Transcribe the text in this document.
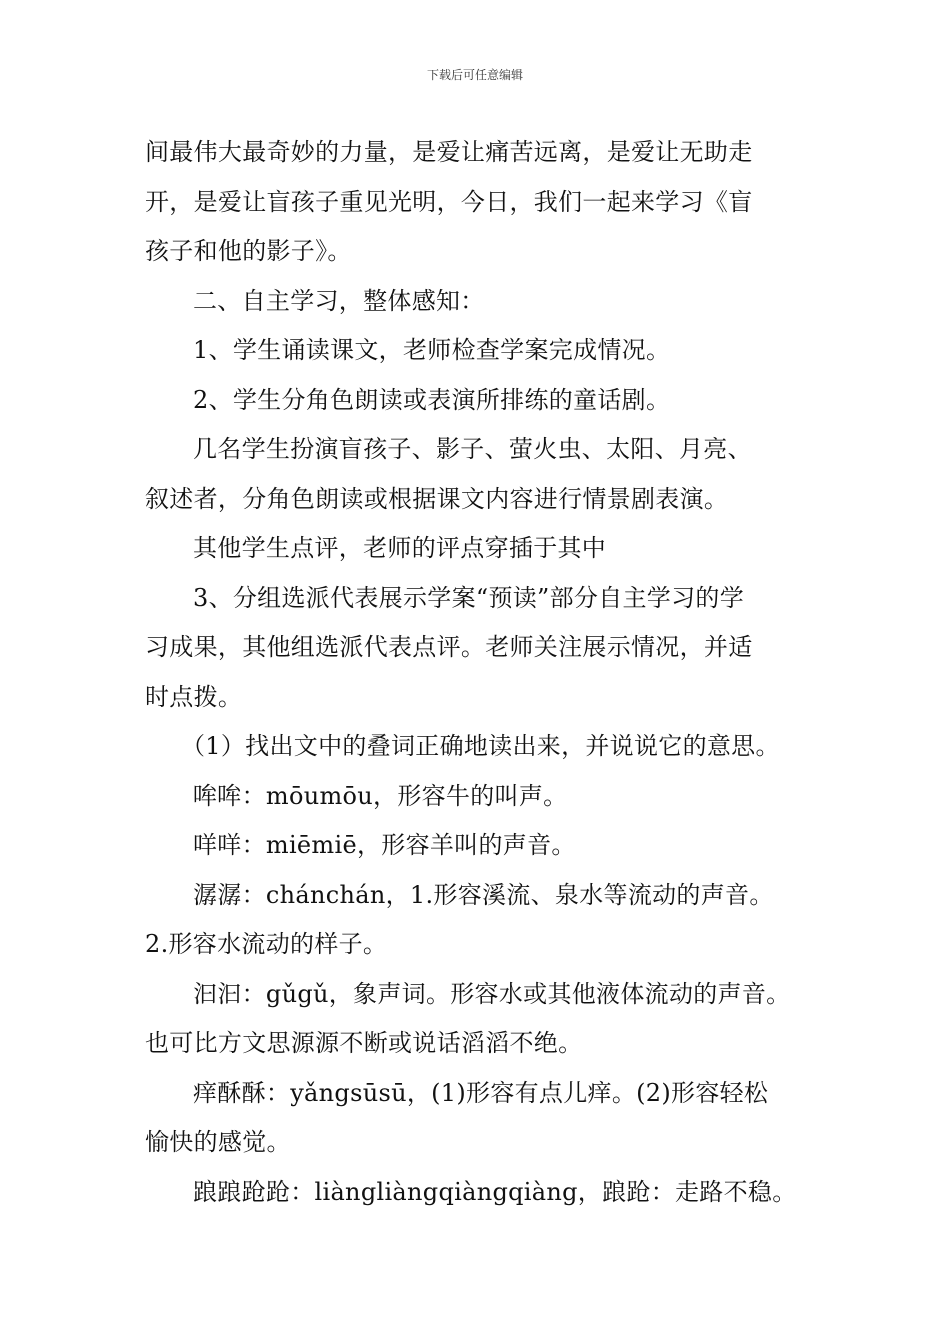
下载后可任意编辑
间最伟大最奇妙的力量，是爱让痛苦远离，是爱让无助走
开，是爱让盲孩子重见光明，今日，我们一起来学习《盲
孩子和他的影子》。
二、自主学习，整体感知：
1、学生诵读课文，老师检查学案完成情况。
2、学生分角色朗读或表演所排练的童话剧。
几名学生扮演盲孩子、影子、萤火虫、太阳、月亮、
叙述者，分角色朗读或根据课文内容进行情景剧表演。
其他学生点评，老师的评点穿插于其中
3、分组选派代表展示学案“预读”部分自主学习的学
习成果，其他组选派代表点评。老师关注展示情况，并适
时点拨。
（1）找出文中的叠词正确地读出来，并说说它的意思。
哞哞：mōumōu，形容牛的叫声。
咩咩：miēmiē，形容羊叫的声音。
潺潺：chánchán，1.形容溪流、泉水等流动的声音。
2.形容水流动的样子。
汩汩：gǔgǔ，象声词。形容水或其他液体流动的声音。
也可比方文思源源不断或说话滔滔不绝。
痒酥酥：yǎngsūsū，(1)形容有点儿痒。(2)形容轻松
愉快的感觉。
踉踉跄跄：liàngliàngqiàngqiàng，踉跄：走路不稳。
